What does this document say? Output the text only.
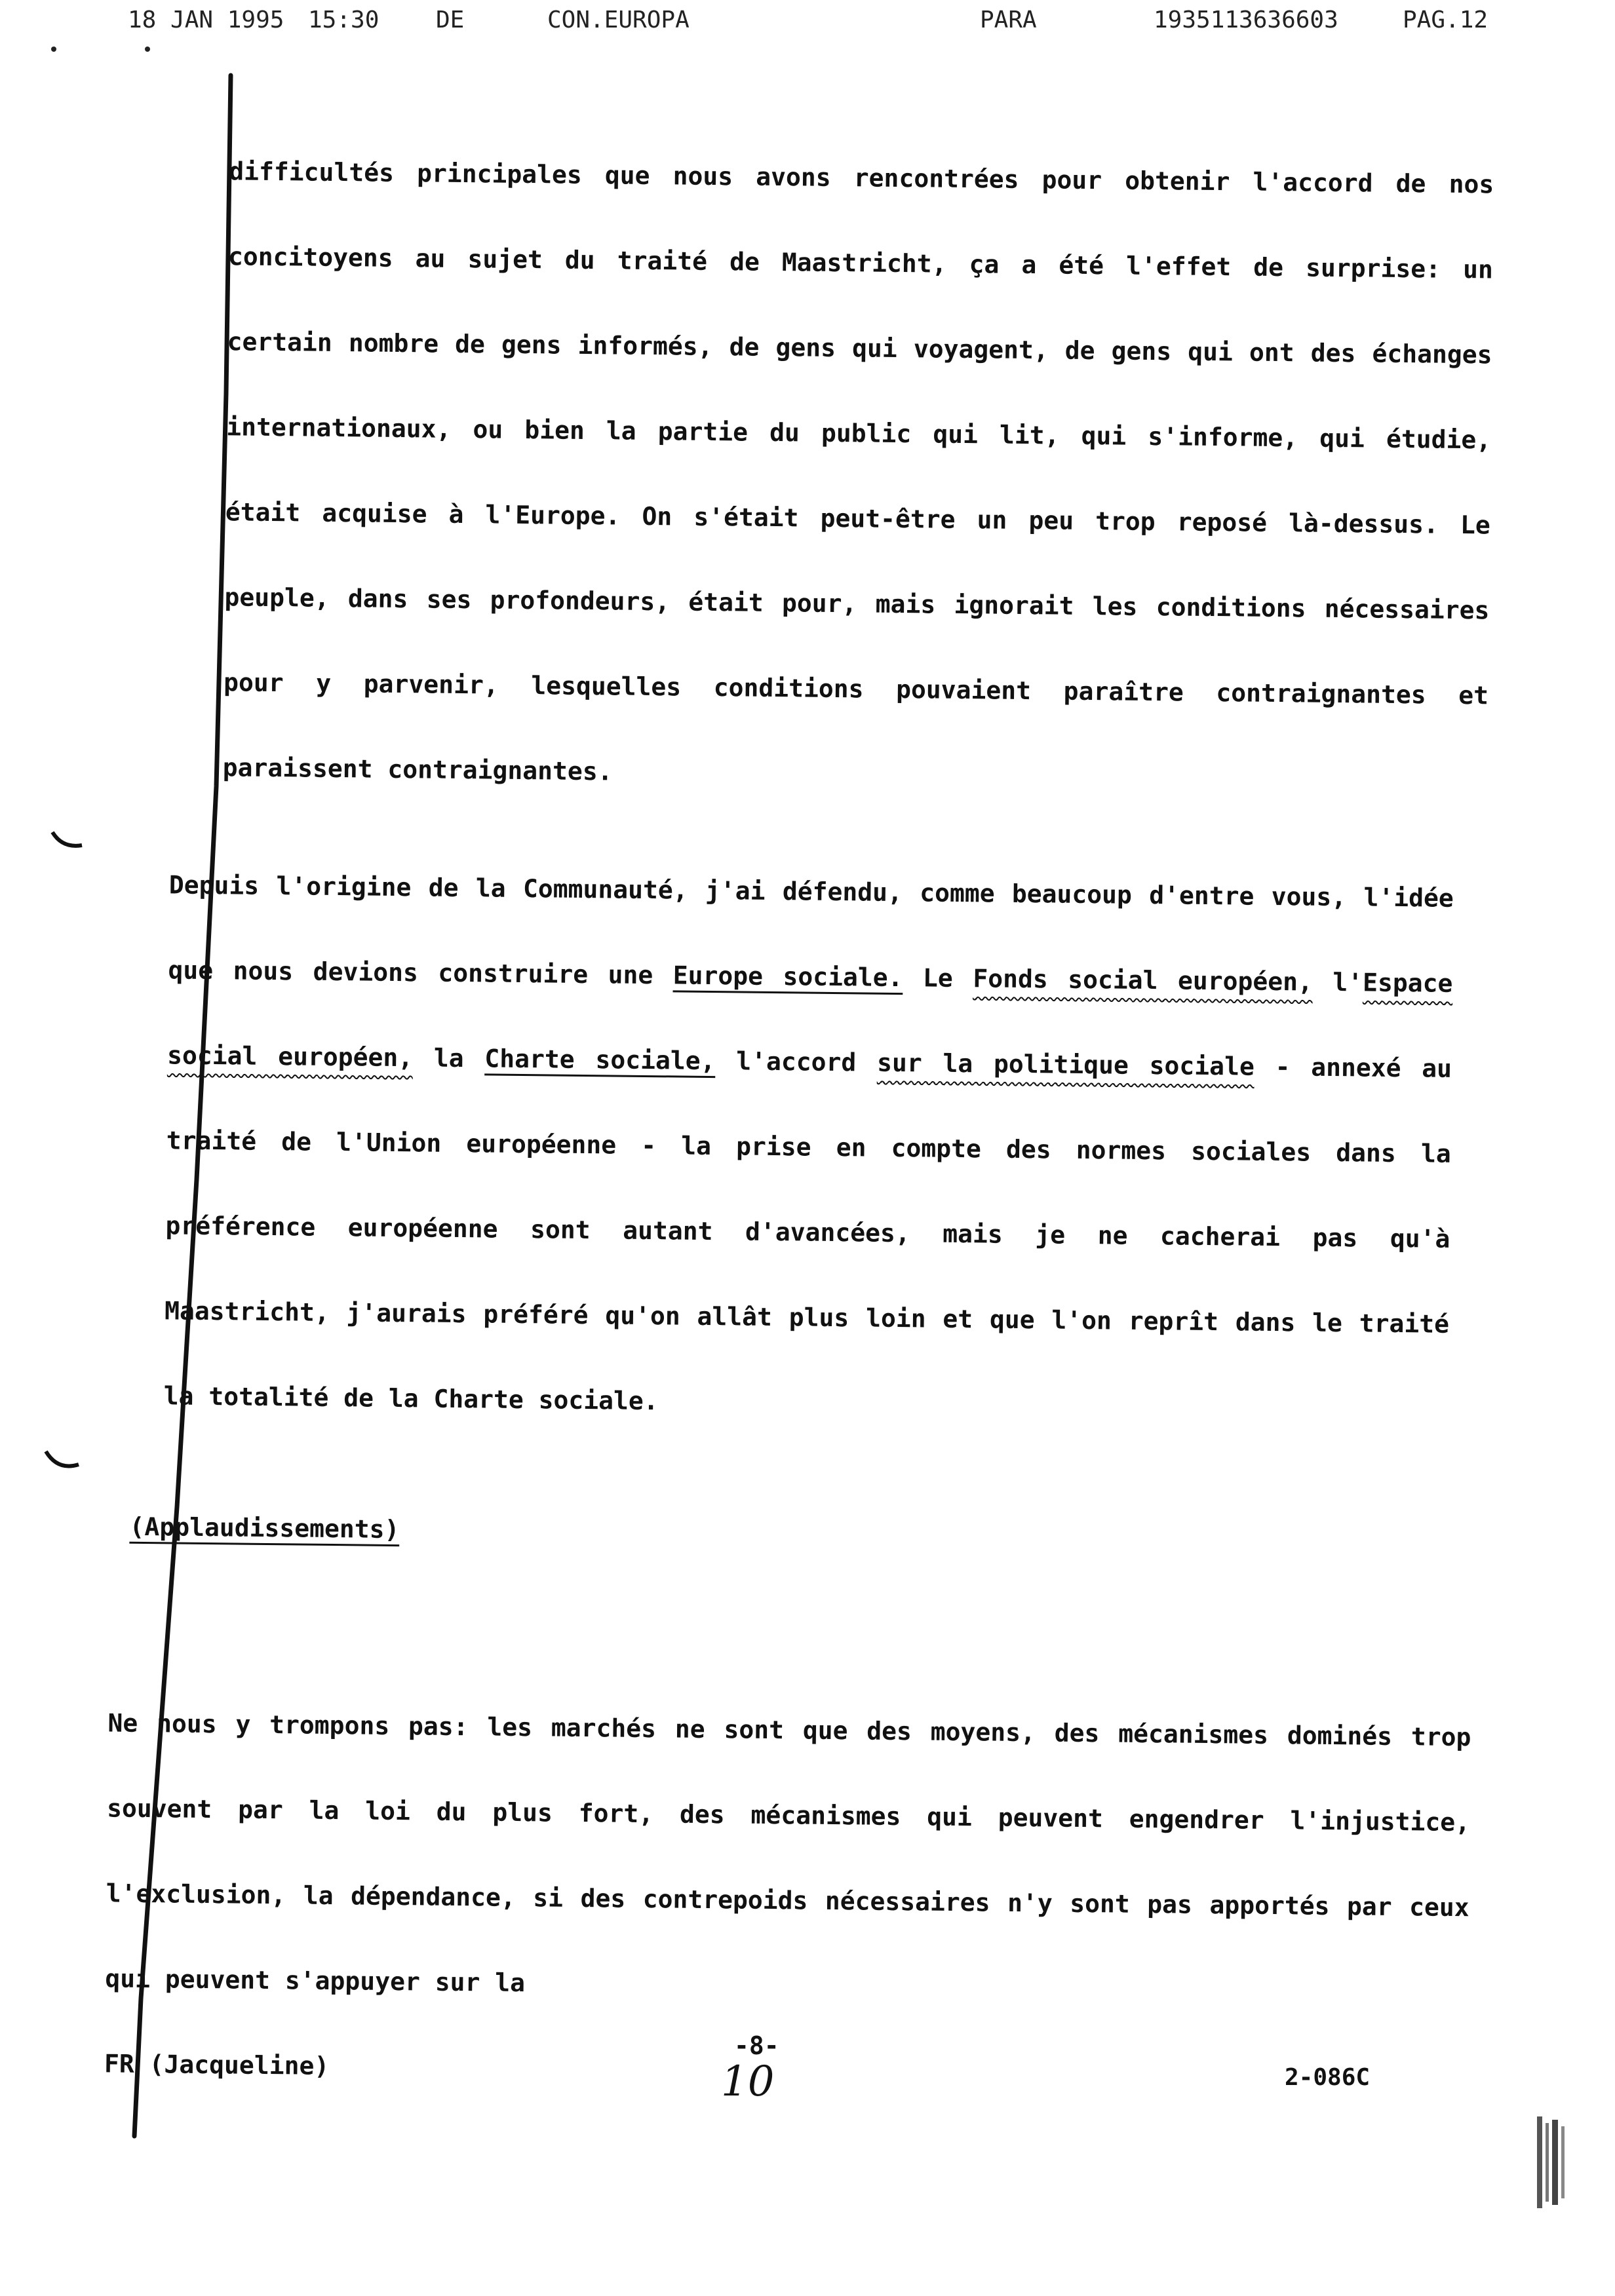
18 JAN 1995 15:30 DE	CON.EUROPA	PARA	1935113636603	PAG.12

difficultés principales que nous avons rencontrées pour obtenir l'accord de nos concitoyens au sujet du traité de Maastricht, ça a été l'effet de surprise: un certain nombre de gens informés, de gens qui voyagent, de gens qui ont des échanges internationaux, ou bien la partie du public qui lit, qui s'informe, qui étudie, était acquise à l'Europe. On s'était peut-être un peu trop reposé là-dessus. Le peuple, dans ses profondeurs, était pour, mais ignorait les conditions nécessaires pour y parvenir, lesquelles conditions pouvaient paraître contraignantes et paraissent contraignantes.

Depuis l'origine de la Communauté, j'ai défendu, comme beaucoup d'entre vous, l'idée que nous devions construire une Europe sociale. Le Fonds social européen, l'Espace social européen, la Charte sociale, l'accord sur la politique sociale - annexé au traité de l'Union européenne - la prise en compte des normes sociales dans la préférence européenne sont autant d'avancées, mais je ne cacherai pas qu'à Maastricht, j'aurais préféré qu'on allât plus loin et que l'on reprît dans le traité la totalité de la Charte sociale.

(Applaudissements)

Ne nous y trompons pas: les marchés ne sont que des moyens, des mécanismes dominés trop souvent par la loi du plus fort, des mécanismes qui peuvent engendrer l'injustice, l'exclusion, la dépendance, si des contrepoids nécessaires n'y sont pas apportés par ceux qui peuvent s'appuyer sur la
FR (Jacqueline)

-8-
10	2-086C
